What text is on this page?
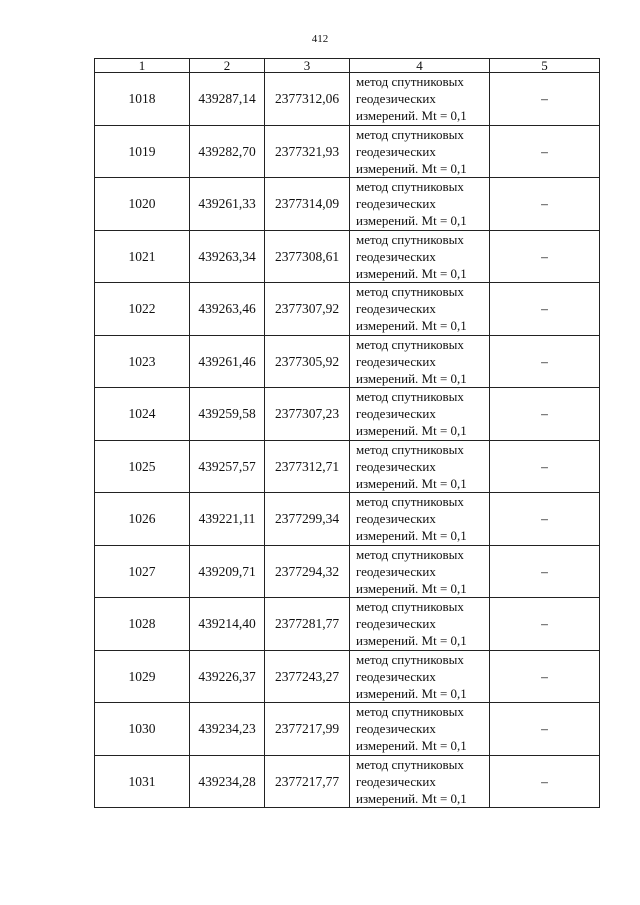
412
1	2	3	4	5
1018	439287,14	2377312,06	метод спутниковых геодезических измерений. Mt = 0,1	–
1019	439282,70	2377321,93	метод спутниковых геодезических измерений. Mt = 0,1	–
1020	439261,33	2377314,09	метод спутниковых геодезических измерений. Mt = 0,1	–
1021	439263,34	2377308,61	метод спутниковых геодезических измерений. Mt = 0,1	–
1022	439263,46	2377307,92	метод спутниковых геодезических измерений. Mt = 0,1	–
1023	439261,46	2377305,92	метод спутниковых геодезических измерений. Mt = 0,1	–
1024	439259,58	2377307,23	метод спутниковых геодезических измерений. Mt = 0,1	–
1025	439257,57	2377312,71	метод спутниковых геодезических измерений. Mt = 0,1	–
1026	439221,11	2377299,34	метод спутниковых геодезических измерений. Mt = 0,1	–
1027	439209,71	2377294,32	метод спутниковых геодезических измерений. Mt = 0,1	–
1028	439214,40	2377281,77	метод спутниковых геодезических измерений. Mt = 0,1	–
1029	439226,37	2377243,27	метод спутниковых геодезических измерений. Mt = 0,1	–
1030	439234,23	2377217,99	метод спутниковых геодезических измерений. Mt = 0,1	–
1031	439234,28	2377217,77	метод спутниковых геодезических измерений. Mt = 0,1	–
